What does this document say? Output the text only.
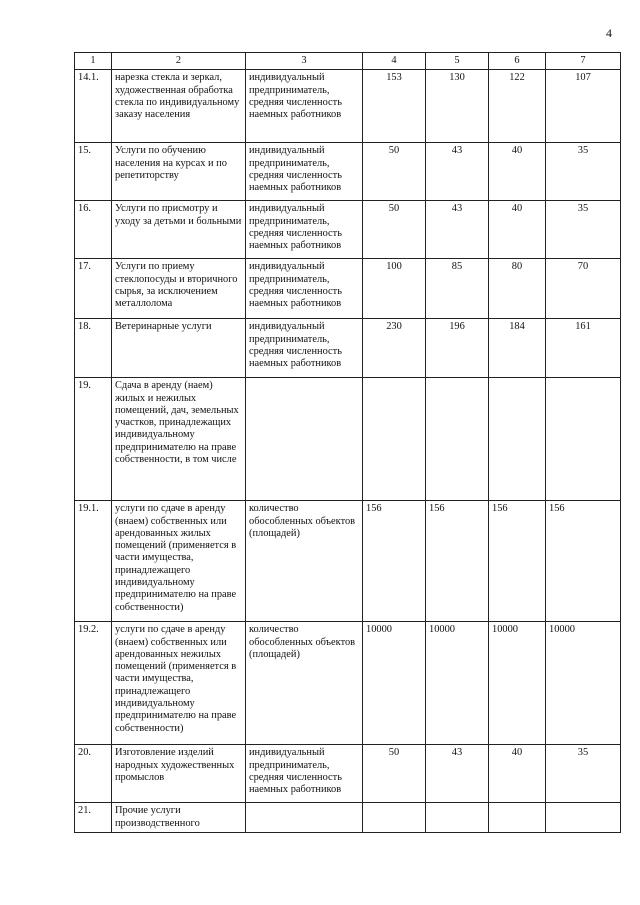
4
1	2	3	4	5	6	7
14.1.	нарезка стекла и зеркал, художественная обработка стекла по индивидуальному заказу населения	индивидуальный предприниматель, средняя численность наемных работников	153	130	122	107
15.	Услуги по обучению населения на курсах и по репетиторству	индивидуальный предприниматель, средняя численность наемных работников	50	43	40	35
16.	Услуги по присмотру и уходу за детьми и больными	индивидуальный предприниматель, средняя численность наемных работников	50	43	40	35
17.	Услуги по приему стеклопосуды и вторичного сырья, за исключением металлолома	индивидуальный предприниматель, средняя численность наемных работников	100	85	80	70
18.	Ветеринарные услуги	индивидуальный предприниматель, средняя численность наемных работников	230	196	184	161
19.	Сдача в аренду (наем) жилых и нежилых помещений, дач, земельных участков, принадлежащих индивидуальному предпринимателю на праве собственности, в том числе					
19.1.	услуги по сдаче в аренду (внаем) собственных или арендованных жилых помещений (применяется в части имущества, принадлежащего индивидуальному предпринимателю на праве собственности)	количество обособленных объектов (площадей)	156	156	156	156
19.2.	услуги по сдаче в аренду (внаем) собственных или арендованных нежилых помещений (применяется в части имущества, принадлежащего индивидуальному предпринимателю на праве собственности)	количество обособленных объектов (площадей)	10000	10000	10000	10000
20.	Изготовление изделий народных художественных промыслов	индивидуальный предприниматель, средняя численность наемных работников	50	43	40	35
21.	Прочие услуги производственного					
